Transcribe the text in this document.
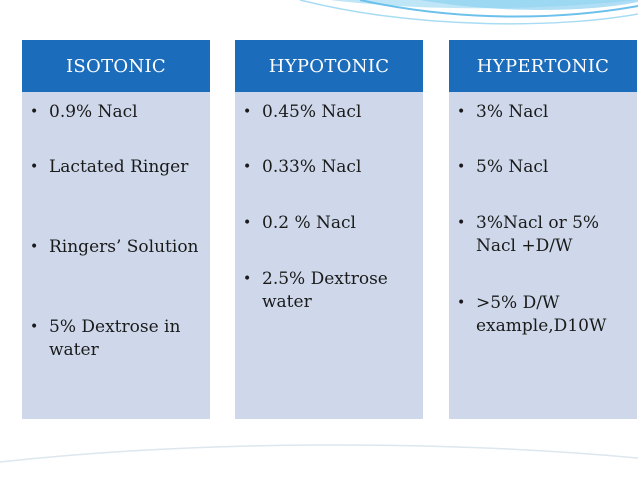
ISOTONIC
• 0.9% Nacl
• Lactated Ringer
• Ringers’ Solution
• 5% Dextrose in water
HYPOTONIC
• 0.45% Nacl
• 0.33% Nacl
• 0.2 % Nacl
• 2.5% Dextrose water
HYPERTONIC
• 3% Nacl
• 5% Nacl
• 3%Nacl or 5% Nacl +D/W
• >5% D/W example,D10W
